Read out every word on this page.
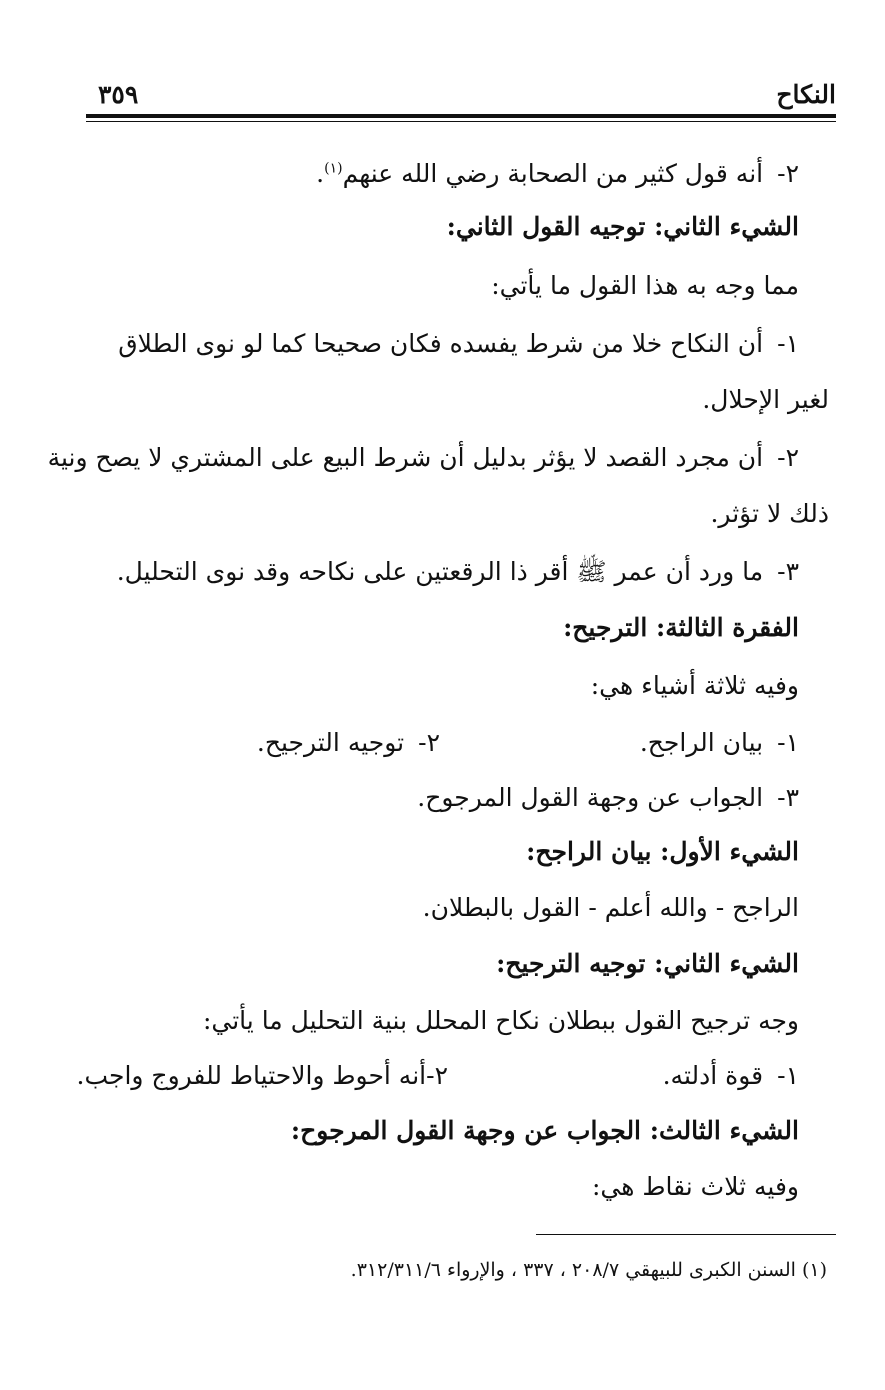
النكاح
٣٥٩
٢-أنه قول كثير من الصحابة رضي الله عنهم$^{(١)}$.
الشيء الثاني: توجيه القول الثاني:
مما وجه به هذا القول ما يأتي:
١-أن النكاح خلا من شرط يفسده فكان صحيحا كما لو نوى الطلاق
لغير الإحلال.
٢-أن مجرد القصد لا يؤثر بدليل أن شرط البيع على المشتري لا يصح ونية
ذلك لا تؤثر.
٣-ما ورد أن عمر ﷺ أقر ذا الرقعتين على نكاحه وقد نوى التحليل.
الفقرة الثالثة: الترجيح:
وفيه ثلاثة أشياء هي:
١-بيان الراجح.
٢-توجيه الترجيح.
٣-الجواب عن وجهة القول المرجوح.
الشيء الأول: بيان الراجح:
الراجح - والله أعلم - القول بالبطلان.
الشيء الثاني: توجيه الترجيح:
وجه ترجيح القول ببطلان نكاح المحلل بنية التحليل ما يأتي:
١-قوة أدلته.
٢-أنه أحوط والاحتياط للفروج واجب.
الشيء الثالث: الجواب عن وجهة القول المرجوح:
وفيه ثلاث نقاط هي:
(١) السنن الكبرى للبيهقي ٢٠٨/٧ ، ٣٣٧ ، والإرواء ٣١٢/٣١١/٦.
